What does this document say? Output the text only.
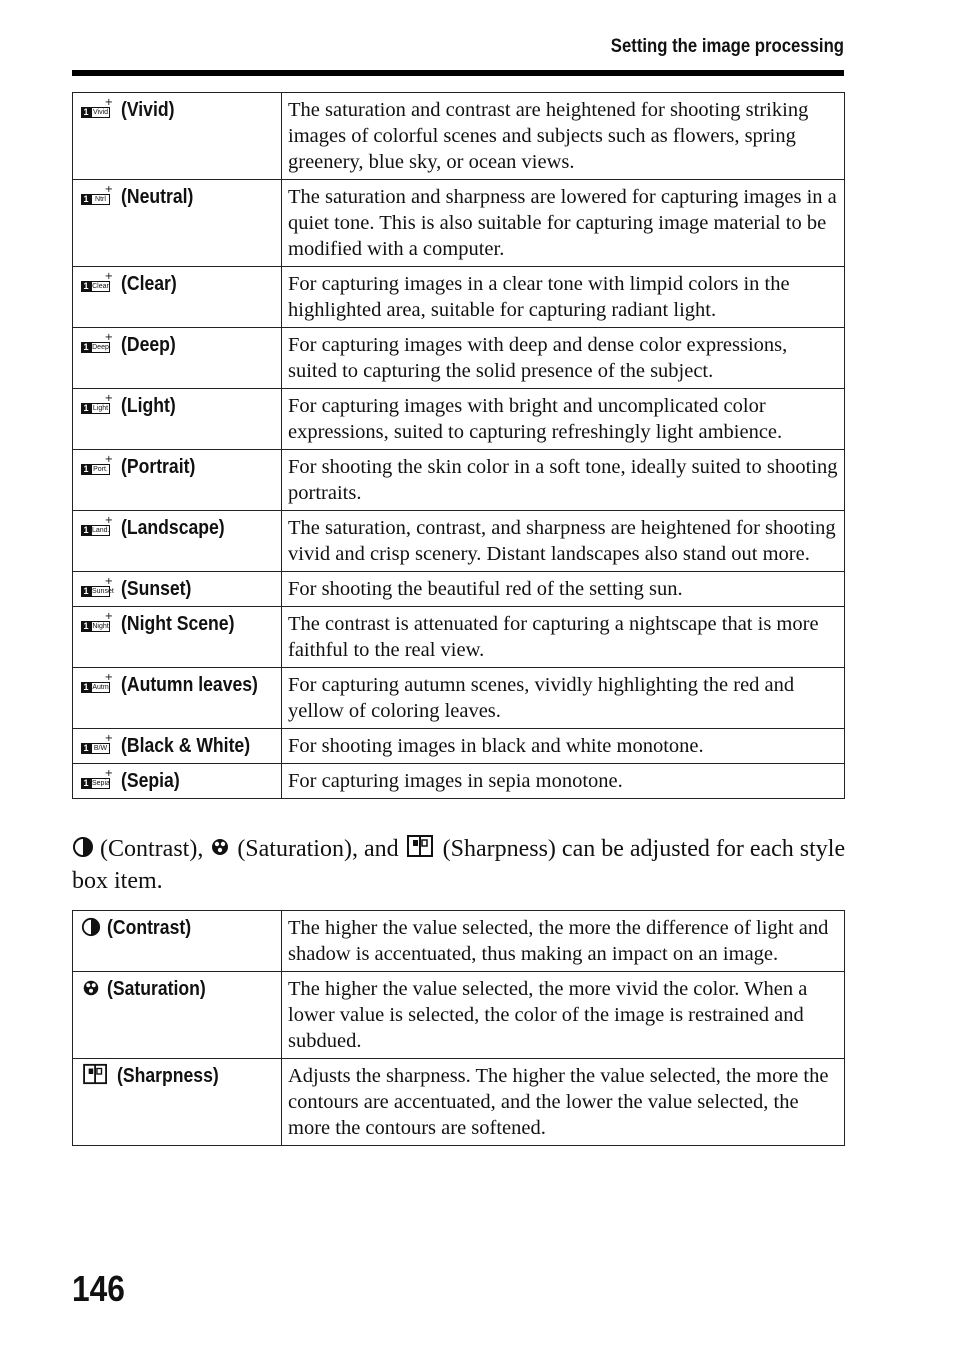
Setting the image processing
1 Vivid
+ (Vivid)	The saturation and contrast are heightened for shooting striking images of colorful scenes and subjects such as flowers, spring greenery, blue sky, or ocean views.

1 Ntrl
+ (Neutral)	The saturation and sharpness are lowered for capturing images in a quiet tone. This is also suitable for capturing image material to be modified with a computer.

1 Clear
+ (Clear)	For capturing images in a clear tone with limpid colors in the highlighted area, suitable for capturing radiant light.

1 Deep
+ (Deep)	For capturing images with deep and dense color expressions, suited to capturing the solid presence of the subject.

1 Light
+ (Light)	For capturing images with bright and uncomplicated color expressions, suited to capturing refreshingly light ambience.

1 Port.
+ (Portrait)	For shooting the skin color in a soft tone, ideally suited to shooting portraits.

1 Land.
+ (Landscape)	The saturation, contrast, and sharpness are heightened for shooting vivid and crisp scenery. Distant landscapes also stand out more.

1 Sunset
+ (Sunset)	For shooting the beautiful red of the setting sun.

1 Night
+ (Night Scene)	The contrast is attenuated for capturing a nightscape that is more faithful to the real view.

1 Autm
+ (Autumn leaves)	For capturing autumn scenes, vividly highlighting the red and yellow of coloring leaves.

1 B/W
+ (Black & White)	For shooting images in black and white monotone.

1 Sepia
+ (Sepia)	For capturing images in sepia monotone.
(Contrast), (Saturation), and (Sharpness) can be adjusted for each style box item.
(Contrast)	The higher the value selected, the more the difference of light and shadow is accentuated, thus making an impact on an image.
(Saturation)	The higher the value selected, the more vivid the color. When a lower value is selected, the color of the image is restrained and subdued.
(Sharpness)	Adjusts the sharpness. The higher the value selected, the more the contours are accentuated, and the lower the value selected, the more the contours are softened.
146
